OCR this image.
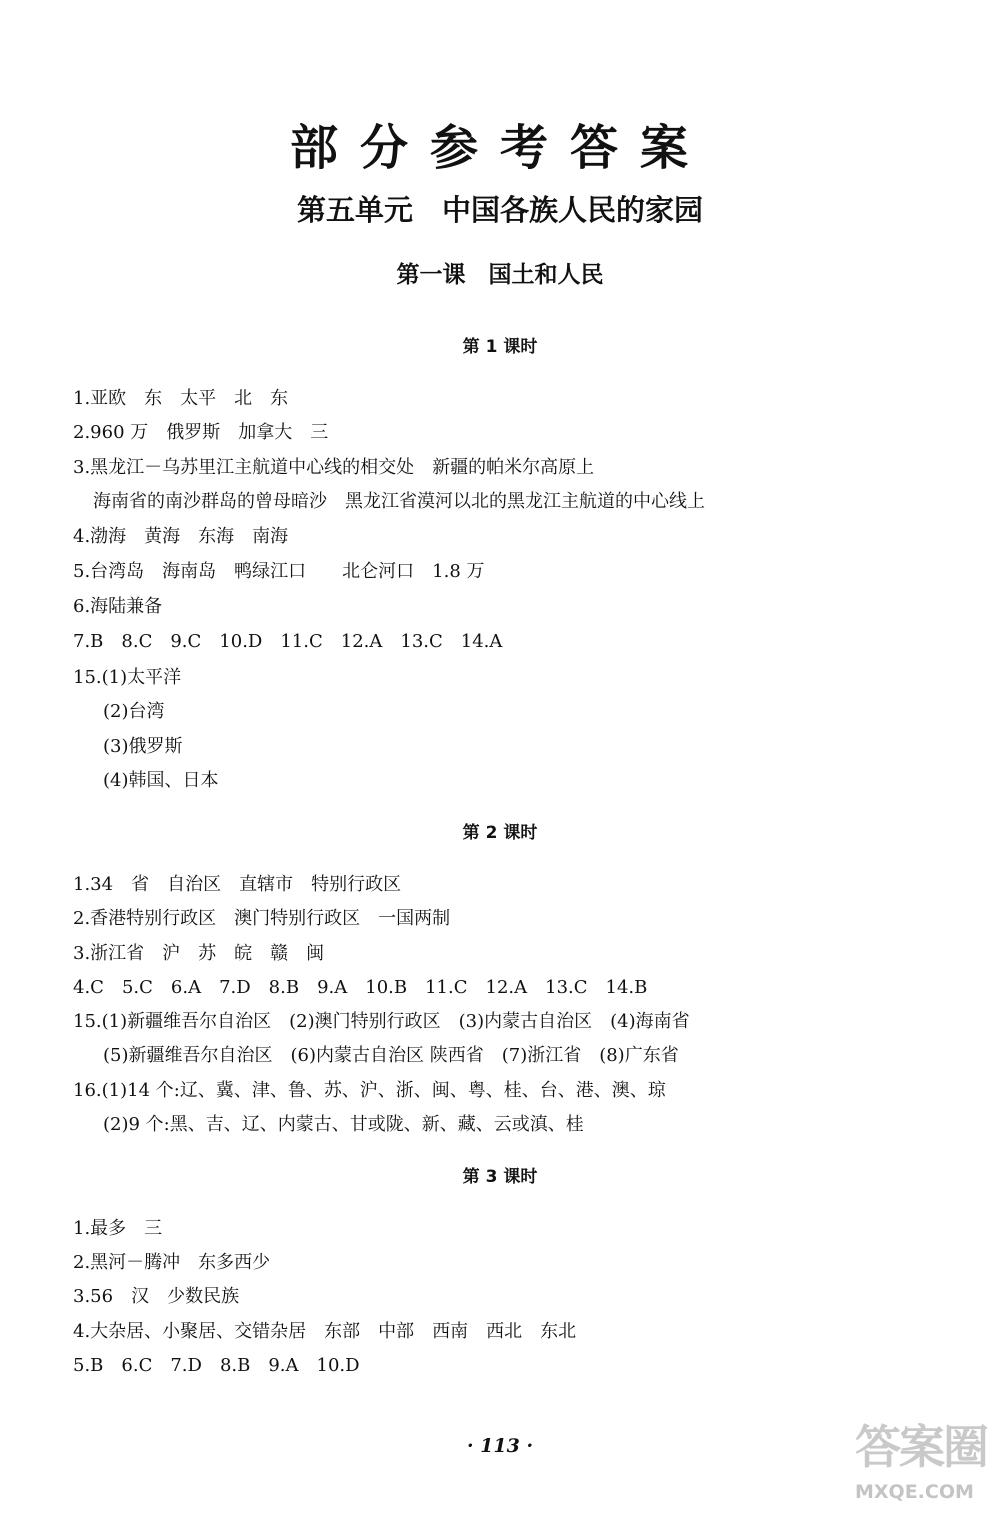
部分参考答案
第五单元　中国各族人民的家园
第一课　国土和人民
第 1 课时
1.亚欧　东　太平　北　东
2.960 万　俄罗斯　加拿大　三
3.黑龙江－乌苏里江主航道中心线的相交处　新疆的帕米尔高原上
海南省的南沙群岛的曾母暗沙　黑龙江省漠河以北的黑龙江主航道的中心线上
4.渤海　黄海　东海　南海
5.台湾岛　海南岛　鸭绿江口　　北仑河口　1.8 万
6.海陆兼备
7.B　8.C　9.C　10.D　11.C　12.A　13.C　14.A
15.(1)太平洋
(2)台湾
(3)俄罗斯
(4)韩国、日本
第 2 课时
1.34　省　自治区　直辖市　特别行政区
2.香港特别行政区　澳门特别行政区　一国两制
3.浙江省　沪　苏　皖　赣　闽
4.C　5.C　6.A　7.D　8.B　9.A　10.B　11.C　12.A　13.C　14.B
15.(1)新疆维吾尔自治区　(2)澳门特别行政区　(3)内蒙古自治区　(4)海南省
(5)新疆维吾尔自治区　(6)内蒙古自治区 陕西省　(7)浙江省　(8)广东省
16.(1)14 个:辽、冀、津、鲁、苏、沪、浙、闽、粤、桂、台、港、澳、琼
(2)9 个:黑、吉、辽、内蒙古、甘或陇、新、藏、云或滇、桂
第 3 课时
1.最多　三
2.黑河－腾冲　东多西少
3.56　汉　少数民族
4.大杂居、小聚居、交错杂居　东部　中部　西南　西北　东北
5.B　6.C　7.D　8.B　9.A　10.D
· 113 ·	答案圈
MXQE.COM
